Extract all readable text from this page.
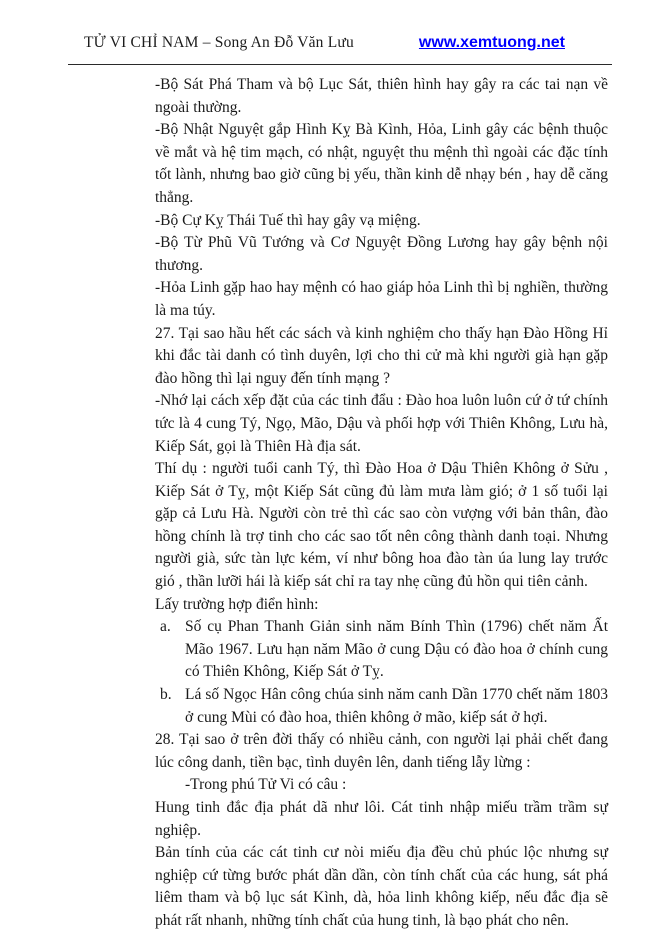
TỬ VI CHỈ NAM – Song An Đỗ Văn Lưu	www.xemtuong.net

-Bộ Sát Phá Tham và bộ Lục Sát, thiên hình hay gây ra các tai nạn về ngoài thường.

-Bộ Nhật Nguyệt gắp Hình Kỵ Bà Kình, Hỏa, Linh gây các bệnh thuộc về mắt và hệ tim mạch, có nhật, nguyệt thu mệnh thì ngoài các đặc tính tốt lành, nhưng bao giờ cũng bị yếu, thần kinh dễ nhạy bén , hay dễ căng thẳng.

-Bộ Cự Kỵ Thái Tuế thì hay gây vạ miệng.

-Bộ Từ Phũ Vũ Tướng và Cơ Nguyệt Đồng Lương hay gây bệnh nội thương.

-Hỏa Linh gặp hao hay mệnh có hao giáp hỏa Linh thì bị nghiền, thường là ma túy.

27. Tại sao hầu hết các sách và kinh nghiệm cho thấy hạn Đào Hồng Hỉ khi đắc tài danh có tình duyên, lợi cho thi cử mà khi người già hạn gặp đào hồng thì lại nguy đến tính mạng ?

-Nhớ lại cách xếp đặt của các tinh đẩu : Đào hoa luôn luôn cứ ở tứ chính tức là 4 cung Tý, Ngọ, Mão, Dậu và phối hợp với Thiên Không, Lưu hà, Kiếp Sát, gọi là Thiên Hà địa sát.

Thí dụ : người tuổi canh Tý, thì Đào Hoa ở Dậu Thiên Không ở Sửu , Kiếp Sát ở Tỵ, một Kiếp Sát cũng đủ làm mưa làm gió; ở 1 số tuổi lại gặp cả Lưu Hà. Người còn trẻ thì các sao còn vượng với bản thân, đào hồng chính là trợ tinh cho các sao tốt nên công thành danh toại. Nhưng người già, sức tàn lực kém, ví như bông hoa đào tàn úa lung lay trước gió , thần lưỡi hái là kiếp sát chỉ ra tay nhẹ cũng đủ hồn qui tiên cảnh.

Lấy trường hợp điển hình:

a. Số cụ Phan Thanh Giản sinh năm Bính Thìn (1796) chết năm Ất Mão 1967. Lưu hạn năm Mão ở cung Dậu có đào hoa ở chính cung có Thiên Không, Kiếp Sát ở Tỵ.
b. Lá số Ngọc Hân công chúa sinh năm canh Dần 1770 chết năm 1803 ở cung Mùi có đào hoa, thiên không ở mão, kiếp sát ở hợi.

28. Tại sao ở trên đời thấy có nhiều cảnh, con người lại phải chết đang lúc công danh, tiền bạc, tình duyên lên, danh tiếng lẫy lừng :

-Trong phú Tử Vi có câu :

Hung tinh đắc địa phát dã như lôi. Cát tinh nhập miếu trầm trầm sự nghiệp.

Bản tính của các cát tinh cư nòi miếu địa đều chủ phúc lộc nhưng sự nghiệp cứ từng bước phát dần dần, còn tính chất của các hung, sát phá liêm tham và bộ lục sát Kình, dà, hỏa linh không kiếp, nếu đắc địa sẽ phát rất nhanh, những tính chất của hung tinh, là bạo phát cho nên.
